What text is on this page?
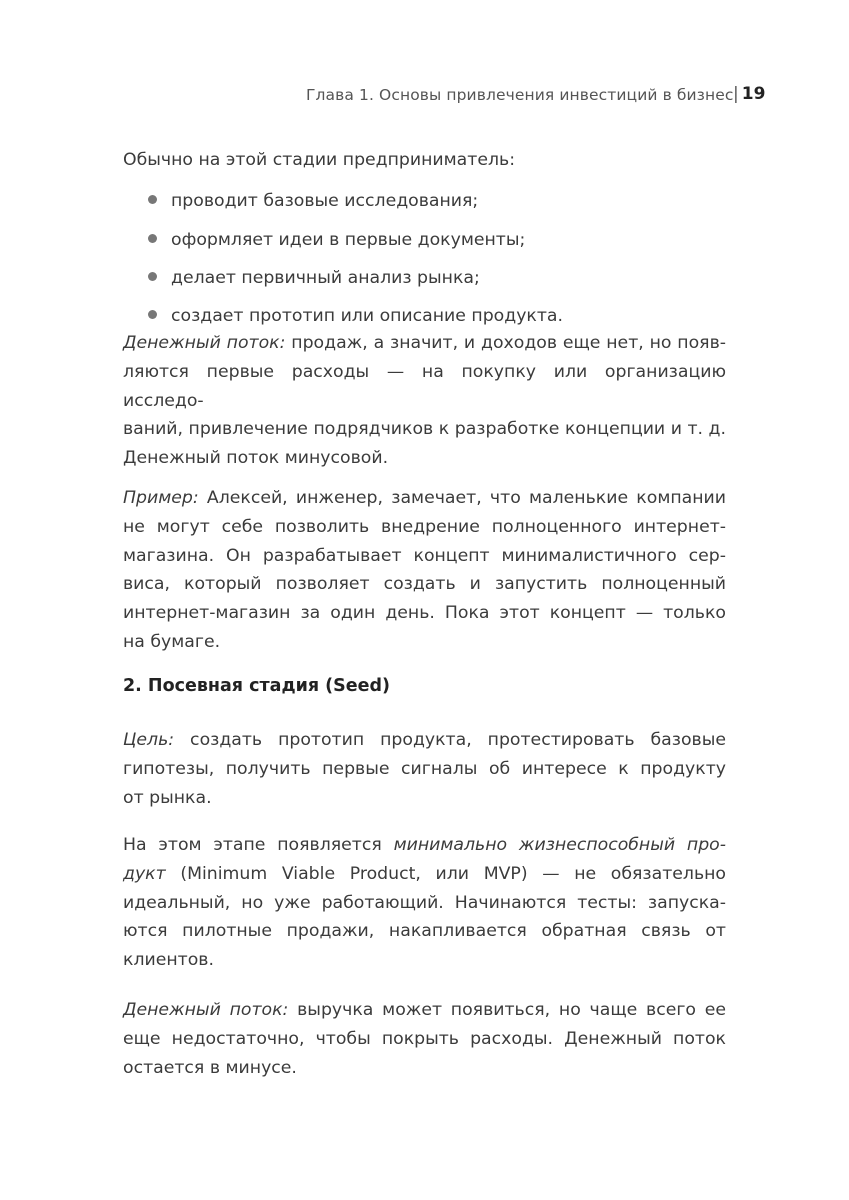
Глава 1. Основы привлечения инвестиций в бизнес | 19
Обычно на этой стадии предприниматель:
проводит базовые исследования;
оформляет идеи в первые документы;
делает первичный анализ рынка;
создает прототип или описание продукта.
Денежный поток: продаж, а значит, и доходов еще нет, но появ-
ляются первые расходы — на покупку или организацию исследо-
ваний, привлечение подрядчиков к разработке концепции и т. д.
Денежный поток минусовой.
Пример: Алексей, инженер, замечает, что маленькие компании
не могут себе позволить внедрение полноценного интернет-
магазина. Он разрабатывает концепт минималистичного сер-
виса, который позволяет создать и запустить полноценный
интернет-магазин за один день. Пока этот концепт — только
на бумаге.
2. Посевная стадия (Seed)
Цель: создать прототип продукта, протестировать базовые
гипотезы, получить первые сигналы об интересе к продукту
от рынка.
На этом этапе появляется минимально жизнеспособный про-
дукт (Minimum Viable Product, или MVP) — не обязательно
идеальный, но уже работающий. Начинаются тесты: запуска-
ются пилотные продажи, накапливается обратная связь от
клиентов.
Денежный поток: выручка может появиться, но чаще всего ее
еще недостаточно, чтобы покрыть расходы. Денежный поток
остается в минусе.
